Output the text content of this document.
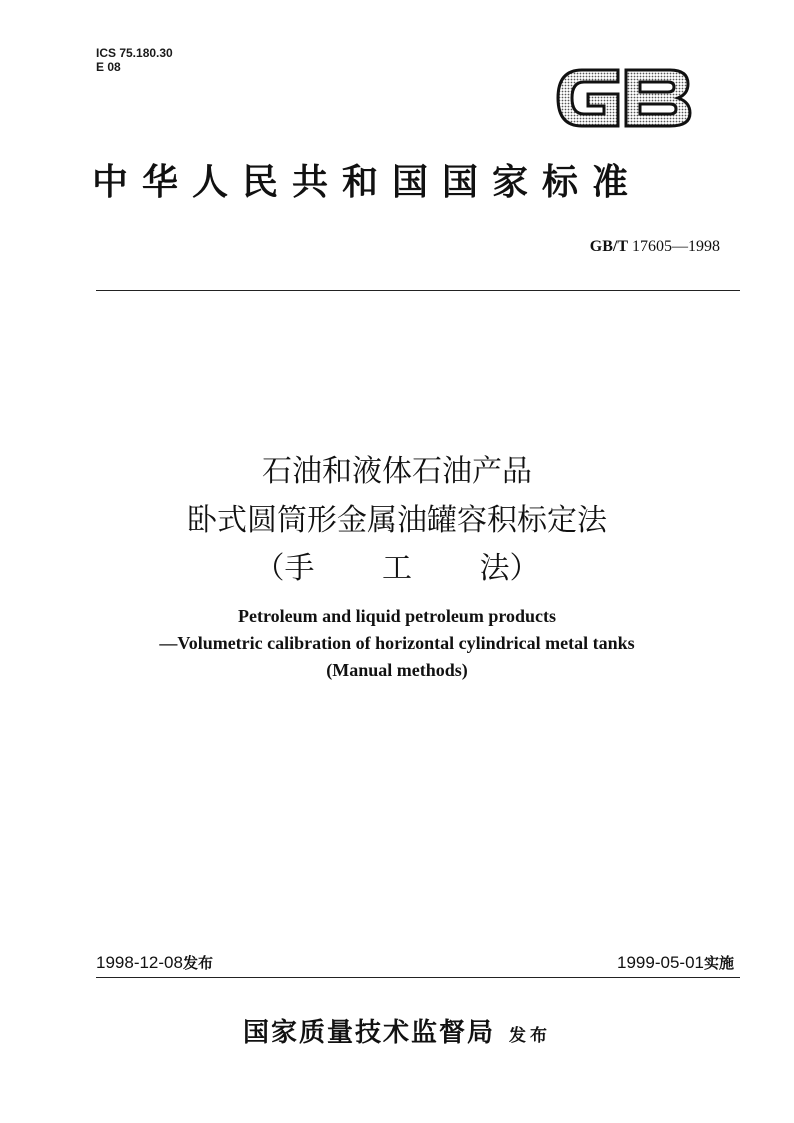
ICS 75.180.30
E 08
中华人民共和国国家标准
GB/T 17605—1998
石油和液体石油产品
卧式圆筒形金属油罐容积标定法
（手 工 法）
Petroleum and liquid petroleum products
—Volumetric calibration of horizontal cylindrical metal tanks
(Manual methods)
1998-12-08发布	1999-05-01实施
国家质量技术监督局 发布
